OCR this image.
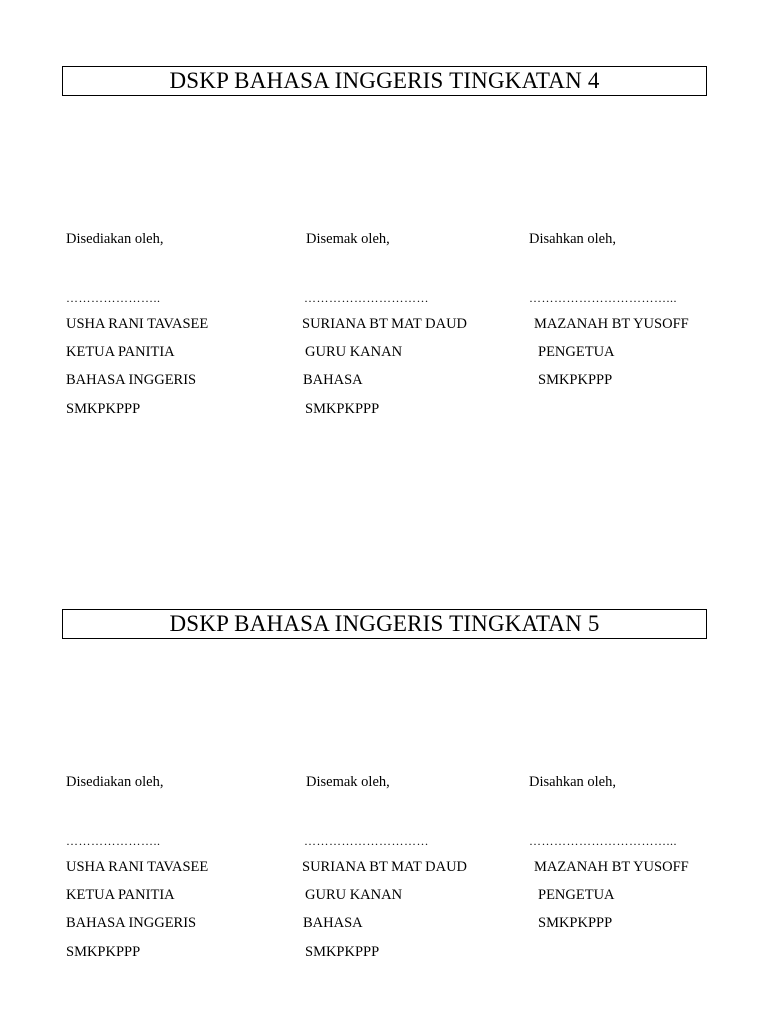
DSKP BAHASA INGGERIS TINGKATAN 4
Disediakan oleh,
…………………..
USHA RANI TAVASEE
KETUA PANITIA
BAHASA INGGERIS
SMKPKPPP
Disemak oleh,
…………………………
SURIANA BT MAT DAUD
GURU KANAN
BAHASA
SMKPKPPP
Disahkan oleh,
……………………………...
MAZANAH BT YUSOFF
PENGETUA
SMKPKPPP
DSKP BAHASA INGGERIS TINGKATAN 5
Disediakan oleh,
…………………..
USHA RANI TAVASEE
KETUA PANITIA
BAHASA INGGERIS
SMKPKPPP
Disemak oleh,
…………………………
SURIANA BT MAT DAUD
GURU KANAN
BAHASA
SMKPKPPP
Disahkan oleh,
……………………………...
MAZANAH BT YUSOFF
PENGETUA
SMKPKPPP
